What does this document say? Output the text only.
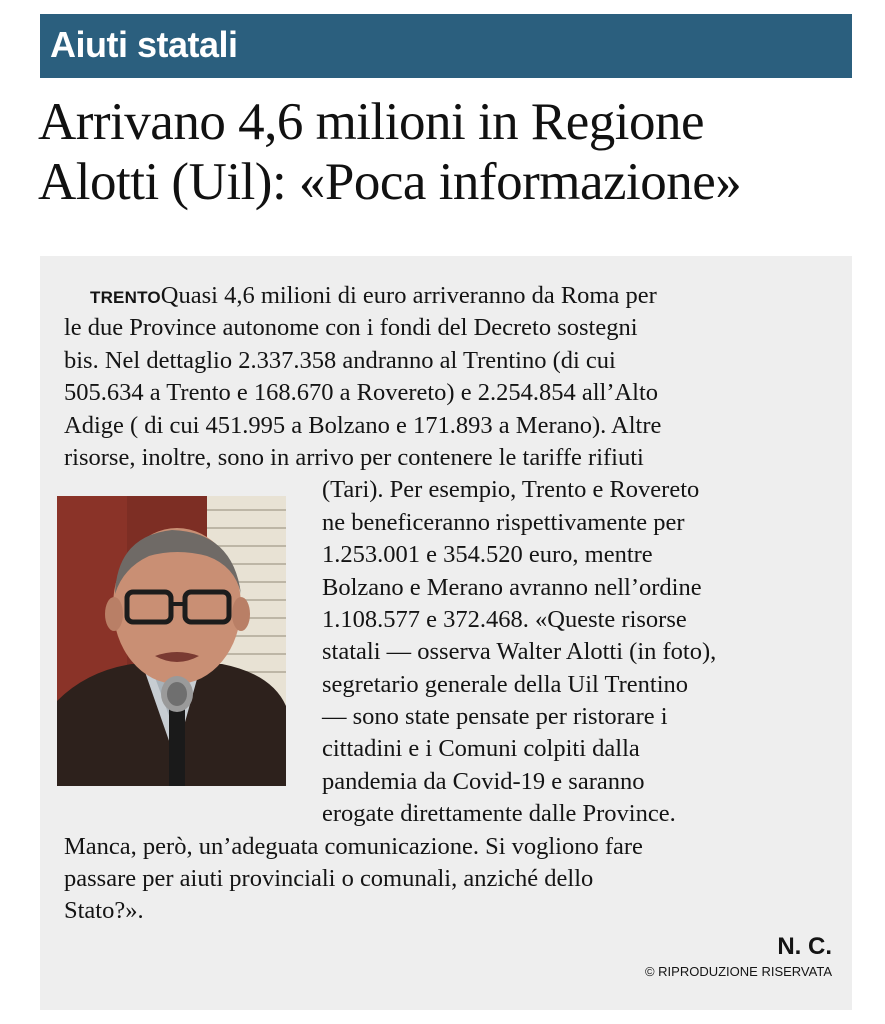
Aiuti statali
Arrivano 4,6 milioni in Regione
Alotti (Uil): «Poca informazione»
TRENTOQuasi 4,6 milioni di euro arriveranno da Roma per
le due Province autonome con i fondi del Decreto sostegni
bis. Nel dettaglio 2.337.358 andranno al Trentino (di cui
505.634 a Trento e 168.670 a Rovereto) e 2.254.854 all’Alto
Adige ( di cui 451.995 a Bolzano e 171.893 a Merano). Altre
risorse, inoltre, sono in arrivo per contenere le tariffe rifiuti
(Tari). Per esempio, Trento e Rovereto
ne beneficeranno rispettivamente per
1.253.001 e 354.520 euro, mentre
Bolzano e Merano avranno nell’ordine
1.108.577 e 372.468. «Queste risorse
statali — osserva Walter Alotti (in foto),
segretario generale della Uil Trentino
— sono state pensate per ristorare i
cittadini e i Comuni colpiti dalla
pandemia da Covid-19 e saranno
erogate direttamente dalle Province.
Manca, però, un’adeguata comunicazione. Si vogliono fare
passare per aiuti provinciali o comunali, anziché dello
Stato?».
N. C.
© RIPRODUZIONE RISERVATA
